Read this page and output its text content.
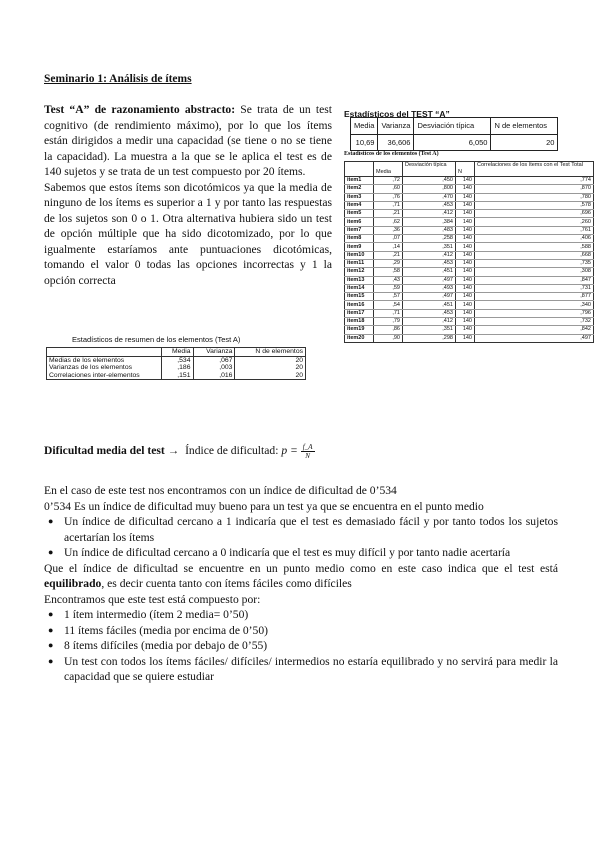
Seminario 1: Análisis de ítems
Test “A” de razonamiento abstracto: Se trata de un test cognitivo (de rendimiento máximo), por lo que los ítems están dirigidos a medir una capacidad (se tiene o no se tiene la capacidad). La muestra a la que se le aplica el test es de 140 sujetos y se trata de un test compuesto por 20 ítems.
Sabemos que estos ítems son dicotómicos ya que la media de ninguno de los ítems es superior a 1 y por tanto las respuestas de los sujetos son 0 o 1. Otra alternativa hubiera sido un test de opción múltiple que ha sido dicotomizado, por lo que igualmente estaríamos ante puntuaciones dicotómicas, tomando el valor 0 todas las opciones incorrectas y 1 la opción correcta
Estadísticos del TEST “A”
Media	Varianza	Desviación típica	N de elementos
10,69	36,606	6,050	20
Estadísticos de los elementos (Test A)
	Media	Desviación típica	N	Correlaciones de los ítems con el Test Total
item1	,72	,450	140	,774
item2	,60	,800	140	,870
item3	,76	,470	140	,780
item4	,71	,453	140	,578
item5	,21	,412	140	,696
item6	,62	,384	140	,260
item7	,36	,483	140	,761
item8	,07	,258	140	,406
item9	,14	,351	140	,588
item10	,21	,412	140	,668
item11	,29	,453	140	,735
item12	,58	,451	140	,308
item13	,43	,497	140	,847
item14	,59	,493	140	,731
item15	,57	,497	140	,877
item16	,54	,451	140	,340
item17	,71	,453	140	,796
item18	,79	,412	140	,732
item19	,86	,351	140	,842
item20	,90	,298	140	,497
Estadísticos de resumen de los elementos (Test A)
	Media	Varianza	N de elementos
Medias de los elementos	,534	,067	20
Varianzas de los elementos	,186	,003	20
Correlaciones inter-elementos	,151	,016	20
Dificultad media del test → Índice de dificultad: $p = \frac{f\_A}{N}$

En el caso de este test nos encontramos con un índice de dificultad de 0’534

0’534 Es un índice de dificultad muy bueno para un test ya que se encuentra en el punto medio

● Un índice de dificultad cercano a 1 indicaría que el test es demasiado fácil y por tanto todos los sujetos acertarían los ítems
● Un índice de dificultad cercano a 0 indicaría que el test es muy difícil y por tanto nadie acertaría

Que el índice de dificultad se encuentre en un punto medio como en este caso indica que el test está equilibrado, es decir cuenta tanto con ítems fáciles como difíciles

Encontramos que este test está compuesto por:

● 1 ítem intermedio (ítem 2 media= 0’50)
● 11 ítems fáciles (media por encima de 0’50)
● 8 ítems difíciles (media por debajo de 0’55)
● Un test con todos los ítems fáciles/ difíciles/ intermedios no estaría equilibrado y no servirá para medir la capacidad que se quiere estudiar
